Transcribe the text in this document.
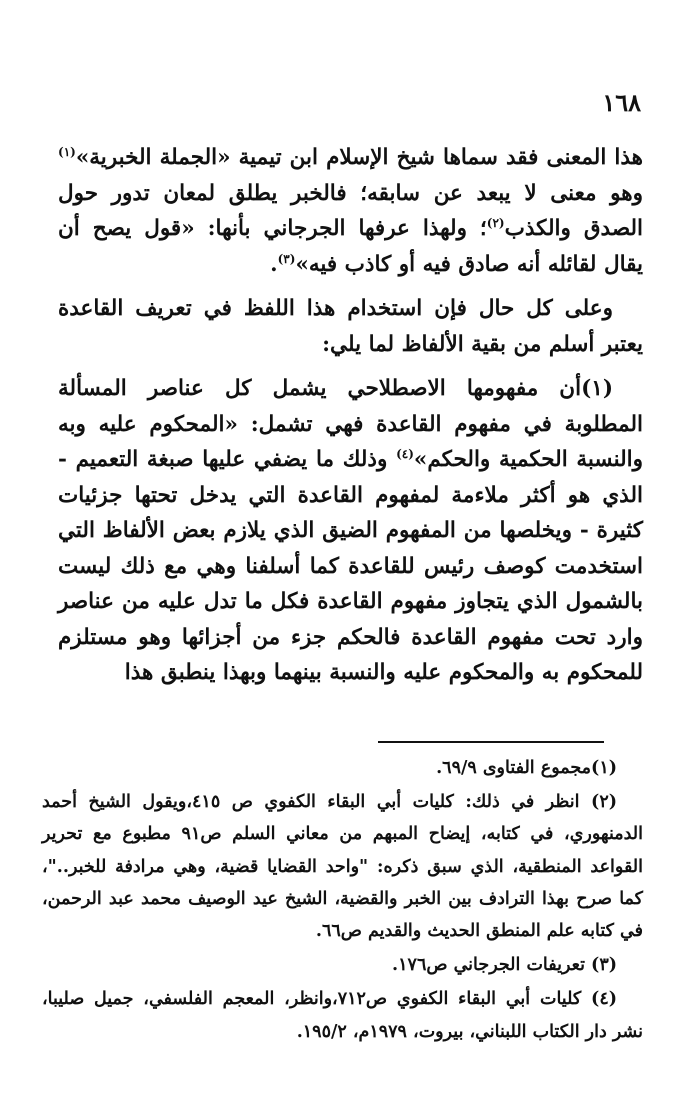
١٦٨

هذا المعنى فقد سماها شيخ الإسلام ابن تيمية «الجملة الخبرية»$^{(١)}$ وهو معنى لا يبعد عن سابقه؛ فالخبر يطلق لمعان تدور حول الصدق والكذب$^{(٢)}$؛ ولهذا عرفها الجرجاني بأنها: «قول يصح أن يقال لقائله أنه صادق فيه أو كاذب فيه»$^{(٣)}$.

وعلى كل حال فإن استخدام هذا اللفظ في تعريف القاعدة يعتبر أسلم من بقية الألفاظ لما يلي:

(١)أن مفهومها الاصطلاحي يشمل كل عناصر المسألة المطلوبة في مفهوم القاعدة فهي تشمل: «المحكوم عليه وبه والنسبة الحكمية والحكم»$^{(٤)}$ وذلك ما يضفي عليها صبغة التعميم - الذي هو أكثر ملاءمة لمفهوم القاعدة التي يدخل تحتها جزئيات كثيرة - ويخلصها من المفهوم الضيق الذي يلازم بعض الألفاظ التي استخدمت كوصف رئيس للقاعدة كما أسلفنا وهي مع ذلك ليست بالشمول الذي يتجاوز مفهوم القاعدة فكل ما تدل عليه من عناصر وارد تحت مفهوم القاعدة فالحكم جزء من أجزائها وهو مستلزم للمحكوم به والمحكوم عليه والنسبة بينهما وبهذا ينطبق هذا

(١)مجموع الفتاوى ٦٩/٩.

(٢) انظر في ذلك: كليات أبي البقاء الكفوي ص ٤١٥،ويقول الشيخ أحمد الدمنهوري، في كتابه، إيضاح المبهم من معاني السلم ص٩١ مطبوع مع تحرير القواعد المنطقية، الذي سبق ذكره: "واحد القضايا قضية، وهي مرادفة للخبر.."، كما صرح بهذا الترادف بين الخبر والقضية، الشيخ عيد الوصيف محمد عبد الرحمن، في كتابه علم المنطق الحديث والقديم ص٦٦.

(٣) تعريفات الجرجاني ص١٧٦.

(٤) كليات أبي البقاء الكفوي ص٧١٢،وانظر، المعجم الفلسفي، جميل صليبا، نشر دار الكتاب اللبناني، بيروت، ١٩٧٩م، ١٩٥/٢.
